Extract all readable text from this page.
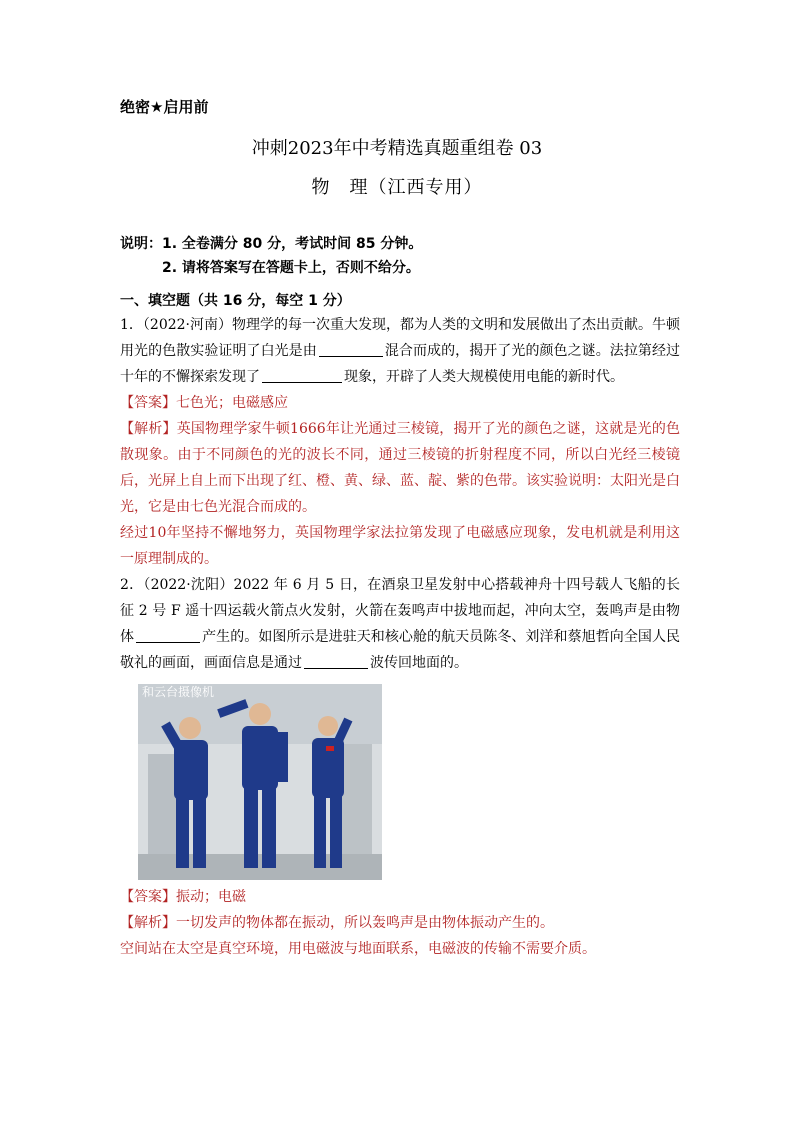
绝密★启用前
冲刺2023年中考精选真题重组卷 03
物　理（江西专用）
说明：1. 全卷满分 80 分，考试时间 85 分钟。
2. 请将答案写在答题卡上，否则不给分。
一、填空题（共 16 分，每空 1 分）
1．（2022·河南）物理学的每一次重大发现，都为人类的文明和发展做出了杰出贡献。牛顿用光的色散实验证明了白光是由	混合而成的，揭开了光的颜色之谜。法拉第经过十年的不懈探索发现了	现象，开辟了人类大规模使用电能的新时代。
【答案】七色光；电磁感应
【解析】英国物理学家牛顿1666年让光通过三棱镜，揭开了光的颜色之谜，这就是光的色散现象。由于不同颜色的光的波长不同，通过三棱镜的折射程度不同，所以白光经三棱镜后，光屏上自上而下出现了红、橙、黄、绿、蓝、靛、紫的色带。该实验说明：太阳光是白光，它是由七色光混合而成的。
经过10年坚持不懈地努力，英国物理学家法拉第发现了电磁感应现象，发电机就是利用这一原理制成的。
2．（2022·沈阳）2022 年 6 月 5 日，在酒泉卫星发射中心搭载神舟十四号载人飞船的长征 2 号 F 遥十四运载火箭点火发射，火箭在轰鸣声中拔地而起，冲向太空，轰鸣声是由物体	产生的。如图所示是进驻天和核心舱的航天员陈冬、刘洋和蔡旭哲向全国人民敬礼的画面，画面信息是通过	波传回地面的。
和云台摄像机
【答案】振动；电磁
【解析】一切发声的物体都在振动，所以轰鸣声是由物体振动产生的。
空间站在太空是真空环境，用电磁波与地面联系，电磁波的传输不需要介质。
